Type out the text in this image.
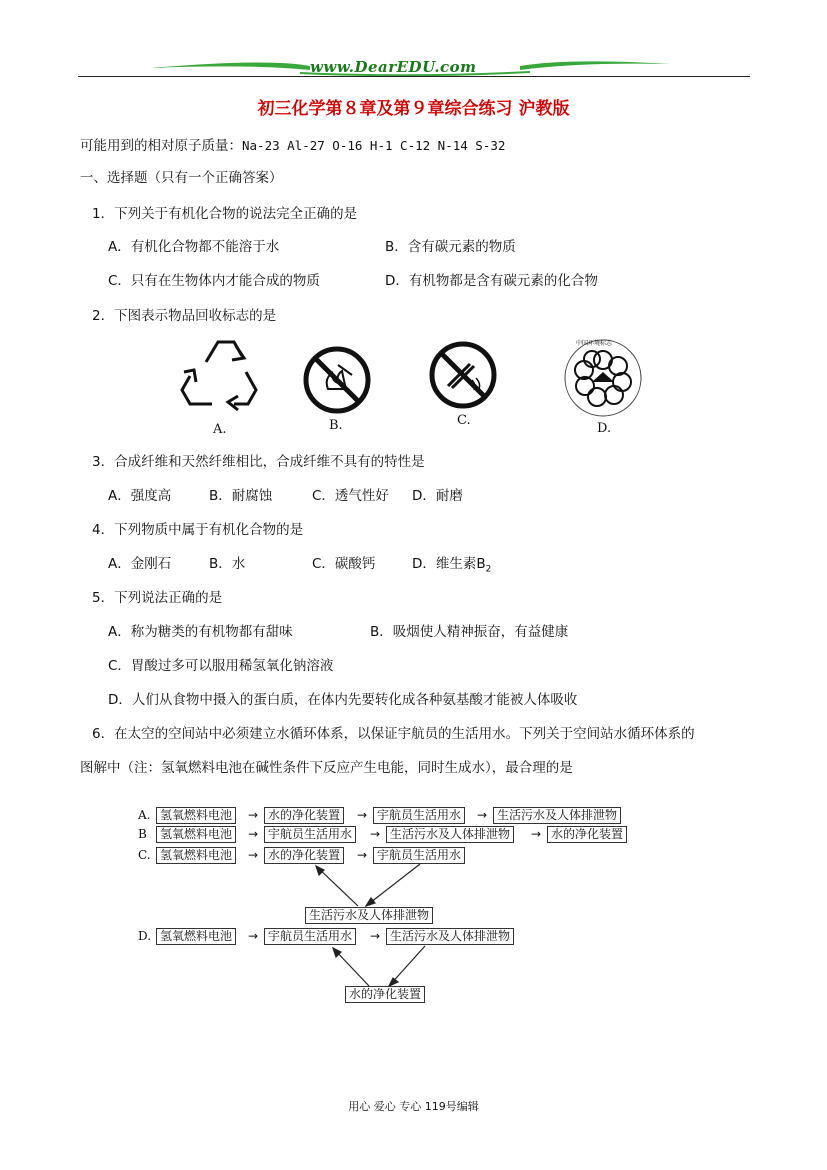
www.DearEDU.com
初三化学第８章及第９章综合练习 沪教版
可能用到的相对原子质量：Na-23 Al-27 O-16 H-1 C-12 N-14 S-32
一、选择题（只有一个正确答案）
1．下列关于有机化合物的说法完全正确的是
A．有机化合物都不能溶于水	B．含有碳元素的物质
C．只有在生物体内才能合成的物质	D．有机物都是含有碳元素的化合物
2．下图表示物品回收标志的是
A.	B.	C.
中国环境标志
D.
3．合成纤维和天然纤维相比，合成纤维不具有的特性是
A．强度高	B．耐腐蚀	C．透气性好 D．耐磨
4．下列物质中属于有机化合物的是
A．金刚石	B．水	C．碳酸钙	D．维生素$B_2$
5．下列说法正确的是
A．称为糖类的有机物都有甜味	B．吸烟使人精神振奋，有益健康
C．胃酸过多可以服用稀氢氧化钠溶液
D．人们从食物中摄入的蛋白质，在体内先要转化成各种氨基酸才能被人体吸收
6．在太空的空间站中必须建立水循环体系，以保证宇航员的生活用水。下列关于空间站水循环体系的
图解中（注：氢氧燃料电池在碱性条件下反应产生电能，同时生成水），最合理的是
A. 氢氧燃料电池	→ 水的净化装置	→ 宇航员生活用水	→ 生活污水及人体排泄物
B	氢氧燃料电池	→ 宇航员生活用水	→ 生活污水及人体排泄物	→ 水的净化装置
C. 氢氧燃料电池	→ 水的净化装置	→ 宇航员生活用水
生活污水及人体排泄物
D. 氢氧燃料电池	→ 宇航员生活用水	→ 生活污水及人体排泄物
水的净化装置
用心 爱心 专心 119号编辑
